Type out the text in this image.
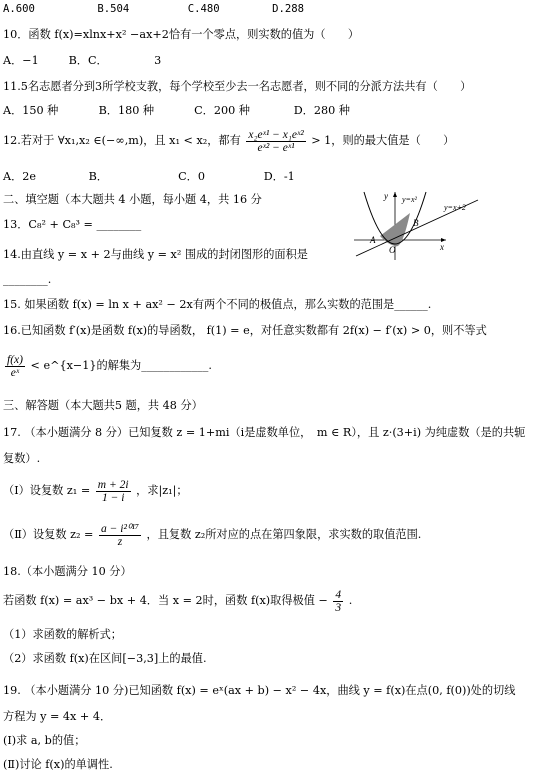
A.600	B.504	C.480	D.288
10．函数 f(x)=xlnx+x² −ax+2恰有一个零点，则实数的值为（　　）
A．−1	B．C．	3
11.5名志愿者分到3所学校支教，每个学校至少去一名志愿者，则不同的分派方法共有（　　）
A．150 种	B．180 种	C．200 种	D．280 种
12.若对于 ∀x₁,x₂ ∈(−∞,m)，且 x₁ < x₂，都有 $\frac{\text{x₂eˣ¹ − x₁eˣ²}}{\text{eˣ² − eˣ¹}} > 1$，则的最大值是（　　）
A．2e	B．	C．0	D．-1
二、填空题（本大题共 4 小题，每小题 4，共 16 分
13．C₈² + C₈³ = ________
14.由直线 y = x + 2与曲线 y = x² 围成的封闭图形的面积是
________.
y
x
O
A
B
y=x²
y=x+2
15. 如果函数 f(x) = ln x + ax² − 2x有两个不同的极值点，那么实数的范围是______.
16.已知函数 f′(x)是函数 f(x)的导函数， f(1) = e，对任意实数都有 2f(x) − f′(x) > 0，则不等式
$\frac{f(x)}{\text{eˣ}}$ < e^{x−1}的解集为____________.
三、解答题（本大题共5 题，共 48 分）
17. （本小题满分 8 分）已知复数 z = 1+mi（i是虚数单位，　m ∈ R），且 z·(3+i) 为纯虚数（是的共轭
复数）.
（Ⅰ）设复数 $z_1 = \frac{m + 2i}{1 - i}$ ，求|z₁|；
（Ⅱ）设复数 $z_2 = \frac{\text{a − i²⁰¹⁷}}{z}$ ，且复数 z₂所对应的点在第四象限，求实数的取值范围.
18.（本小题满分 10 分）
若函数 f(x) = ax³ − bx + 4．当 x = 2时，函数 f(x)取得极值 − $\frac{4}{3}$ .
（1）求函数的解析式；
（2）求函数 f(x)在区间[−3,3]上的最值.
19. （本小题满分 10 分)已知函数 f(x) = eˣ(ax + b) − x² − 4x，曲线 y = f(x)在点(0, f(0))处的切线
方程为 y = 4x + 4．
(Ⅰ)求 a, b的值；
(Ⅱ)讨论 f(x)的单调性.
